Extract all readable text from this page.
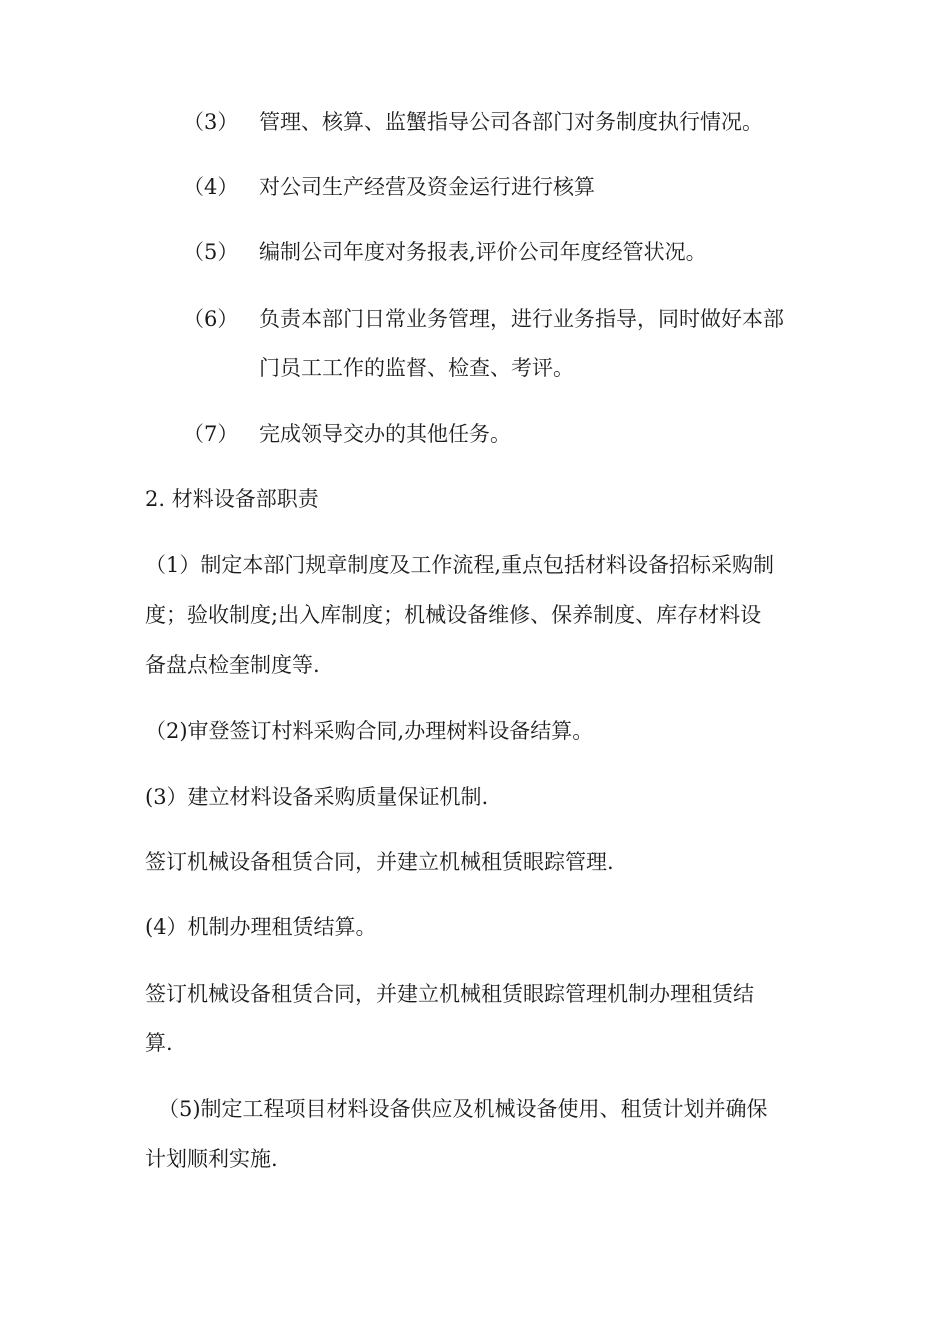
（3） 管理、核算、监蟹指导公司各部门对务制度执行情况。
（4） 对公司生产经营及资金运行进行核算
（5） 编制公司年度对务报表,评价公司年度经管状况。
（6） 负责本部门日常业务管理，进行业务指导，同时做好本部
门员工工作的监督、检查、考评。
（7） 完成领导交办的其他任务。
2. 材料设备部职责
（1）制定本部门规章制度及工作流程,重点包括材料设备招标采购制
度；验收制度;出入库制度；机械设备维修、保养制度、库存材料设
备盘点检奎制度等.
（2)审登签订村料采购合同,办理树料设备结算。
(3）建立材料设备采购质量保证机制.
签订机械设备租赁合同，并建立机械租赁眼踪管理.
(4）机制办理租赁结算。
签订机械设备租赁合同，并建立机械租赁眼踪管理机制办理租赁结
算.
（5)制定工程项目材料设备供应及机械设备使用、租赁计划并确保
计划顺利实施.
